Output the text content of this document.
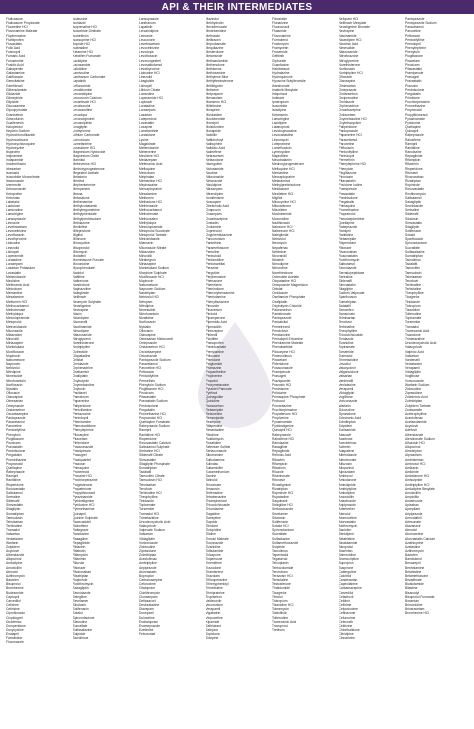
API & THEIR INTERMEDIATES
Fluticasone
Fluticasone Propionate
Fluoxetine HCl
Fluvoxamine Maleate
Fluphenazine
Flurbiprofen
Fluvastatin
Folic Acid
Fosinopril
Fumaric Acid
Furosemide
Fusidic Acid
Gabapentin
Galantamine
Gatifloxacin
Gemcitabine
Gemfibrozil
Glibenclamide
Gliclazide
Glimepiride
Glipizide
Glucosamine
Glycopyrrolate
Granisetron
Griseofulvin
Guaifenesin
Haloperidol
Heparin Sodium
Hydrochlorothiazide
Hydrocortisone
Hydroxychloroquine
Hydroxyzine
Ibuprofen
Imipramine
Indapamide
Indomethacin
Irbesartan
Isoniazid
Isosorbide Mononitrate
Itraconazole
Ivermectin
Ketoconazole
Ketoprofen
Ketorolac
Labetalol
Lactulose
Lamivudine
Lamotrigine
Lansoprazole
Letrozole
Levetiracetam
Levocetirizine
Levofloxacin
Levothyroxine
Lidocaine
Linezolid
Lisinopril
Loperamide
Loratadine
Lorazepam
Losartan Potassium
Lovastatin
Mebendazole
Meclizine
Mefenamic Acid
Meloxicam
Memantine
Mesalamine
Metformin HCl
Methocarbamol
Methotrexate
Methyldopa
Metoclopramide
Metoprolol
Metronidazole
Miconazole
Midazolam
Minoxidil
Mirtazapine
Montelukast
Moxifloxacin
Mupirocin
Nabumetone
Naproxen
Nebivolol
Nifedipine
Nimesulide
Nitrofurantoin
Norfloxacin
Nystatin
Ofloxacin
Olanzapine
Olmesartan
Omeprazole
Ondansetron
Oxcarbazepine
Pantoprazole
Paracetamol
Paroxetine
Pentoxifylline
Phenytoin
Pioglitazone
Piroxicam
Pravastatin
Prednisolone
Pregabalin
Promethazine
Propranolol
Quetiapine
Rabeprazole
Ramipril
Ranitidine
Risperidone
Rosuvastatin
Salbutamol
Sertraline
Sildenafil
Simvastatin
Sitagliptin
Sumatriptan
Tamsulosin
Telmisartan
Terbinafine
Tramadol
Valsartan
Venlafaxine
Warfarin
Zolpidem
Acyclovir
Albendazole
Allopurinol
Amlodipine
Amoxicillin
Atenolol
Azithromycin
Baclofen
Bisoprolol
Bromhexine
Budesonide
Captopril
Carvedilol
Cefixime
Cetirizine
Ciprofloxacin
Clopidogrel
Diclofenac
Domperidone
Doxycycline
Enalapril
Famotidine
Fluconazole
Isoleucine
Isoniazid
Isoprenaline HCl
Isosorbide Dinitrate
Isotretinoin
Isoxsuprine HCl
Itopride HCl
Ivabradine
Ketamine HCl
Ketotifen Fumarate
Lacidipine
Lacosamide
Lafutidine
Lamivudine
Lanthanum Carbonate
Lapatinib
Leflunomide
Lenalidomide
Lercanidipine
Leucovorin Calcium
Levamisole HCl
Levobunolol
Levocarnitine
Levodopa
Levonorgestrel
Levosulpiride
Linagliptin
Liothyronine
Lithium Carbonate
Lornoxicam
Lumefantrine
Lurasidone HCl
Magnesium Hydroxide
Magnesium Oxide
Mannitol
Mebeverine HCl
Medroxyprogesterone
Megestrol Acetate
Melatonin
Menthol
Mephentermine
Meropenem
Mesna
Metaxalone
Methenamine
Methylcobalamin
Methylergometrine
Methylphenidate
Methylprednisolone
Metolazone
Mexiletine
Mifepristone
Miglitol
Milrinone
Minocycline
Misoprostol
Mitomycin
Modafinil
Mometasone Furoate
Moxonidine
Mycophenolate
Nadolol
Naftifine
Naltrexone
Nandrolone
Naphazoline
Nateglinide
Nelfinavir
Neomycin Sulphate
Neostigmine
Nevirapine
Niacin
Nicardipine
Nicorandil
Nicotinamide
Nimodipine
Nitazoxanide
Nitroglycerin
Norethisterone
Nortriptyline
Octreotide
Olopatadine
Orlistat
Ornidazole
Orphenadrine
Oseltamivir
Oxaliplatin
Oxybutynin
Oxymetazoline
Oxytocin
Paclitaxel
Pamabrom
Papaverine
Paliperidone
Penicillamine
Pentazocine
Perindopril
Pheniramine
Phenobarbitone
Phenylephrine
Pilocarpine
Piracetam
Pirfenidone
Posaconazole
Pramipexole
Prasugrel
Praziquantel
Prazosin
Primaquine
Probenecid
Procaine HCl
Prochlorperazine
Progesterone
Propafenone
Propylthiouracil
Pyrazinamide
Pyridostigmine
Pyridoxine HCl
Pyrimethamine
Quinapril
Quinine Sulphate
Racecadotril
Raloxifene
Raltegravir
Ranolazine
Rasagiline
Repaglinide
Ribavirin
Rifabutin
Rifampicin
Rifaximin
Riluzole
Ritonavir
Rivaroxaban
Rizatriptan
Ropinirole
Roxithromycin
Saxagliptin
Secnidazole
Selegiline
Sevelamer
Silodosin
Solifenacin
Sotalol
Spironolactone
Stavudine
Sucralfate
Sulfasalazine
Sulpiride
Tacrolimus
Lansoprazole
Lanthanum
Lapatinib
Lercanidipine
Letrozole
Leucovorin
Levetiracetam
Levocetirizine
Levodopa
Levofloxacin
Levonorgestrel
Levosalbutamol
Levothyroxine
Lidocaine HCl
Linezolid
Liraglutide
Lisinopril
Lithium Citrate
Lomustine
Loperamide HCl
Lopinavir
Loratadine
Lorazepam
Losartan
Loteprednol
Lovastatin
Loxapine
Lumefantrine
Lurasidone
Lysine
Magaldrate
Mebendazole
Mebeverine
Meclizine HCl
Medazepam
Mefenamic Acid
Mefloquine
Meloxicam
Melphalan
Memantine HCl
Mepivacaine
Mercaptopurine
Mesalamine
Metformin
Methadone HCl
Methimazole
Methocarbamol
Methotrexate
Methoxsalen
Methyldopa
Metoclopramide
Metoprolol Succinate
Metoprolol Tartrate
Metronidazole
Mianserin
Miconazole Nitrate
Midazolam
Minoxidil
Mirabegron
Mirtazapine
Montelukast Sodium
Morphine Sulphate
Moxifloxacin HCl
Mupirocin
Nabumetone
Naproxen Sodium
Naratriptan
Nebivolol HCl
Nefopam
Nifedipine
Nimesulide
Nitrofurantoin
Nizatidine
Norfloxacin
Nystatin
Ofloxacin
Olanzapine
Olmesartan Medoxomil
Omeprazole
Ondansetron HCl
Oxcarbazepine
Oxiconazole
Pantoprazole Sodium
Paracetamol
Paroxetine HCl
Pefloxacin
Pentoxifylline
Permethrin
Phenytoin Sodium
Pioglitazone HCl
Piroxicam
Pitavastatin
Pravastatin Sodium
Prednisolone
Pregabalin
Promethazine HCl
Propranolol HCl
Quetiapine Fumarate
Rabeprazole Sodium
Ramipril
Ranitidine HCl
Risperidone
Rosuvastatin Calcium
Salbutamol Sulphate
Sertraline HCl
Sildenafil Citrate
Simvastatin
Sitagliptin Phosphate
Sumatriptan
Tadalafil
Tamoxifen Citrate
Tamsulosin HCl
Telmisartan
Tenofovir
Terbinafine HCl
Theophylline
Tinidazole
Topiramate
Torsemide
Tramadol HCl
Trimetazidine
Ursodeoxycholic Acid
Valacyclovir
Valproate Sodium
Valsartan
Vildagliptin
Voriconazole
Zidovudine
Ziprasidone
Zolmitriptan
Aceclofenac
Amitriptyline
Aripiprazole
Atorvastatin
Bupropion
Carbamazepine
Cefuroxime
Citalopram
Clarithromycin
Clonazepam
Deflazacort
Desloratadine
Diazepam
Donepezil
Duloxetine
Escitalopram
Esomeprazole
Ezetimibe
Febuxostat
Mazindol
Mebhydrolin
Meclofenoxate
Medetomidine
Mefruside
Melitracen
Meprobamate
Mequitazine
Mesterolone
Metamizole
Methazolamide
Methenolone
Methionine
Methoxamine
Methylene Blue
Methyltestosterone
Metildigoxin
Metixene
Metyrapone
Mexazolam
Mianserin HCl
Miltefosine
Minaprine
Mizolastine
Moclobemide
Moexipril
Molsidomine
Mosapride
Nafcillin
Naftidrofuryl
Nalbuphine
Nalidixic Acid
Nalmefene
Nebracetam
Nefazodone
Nicergoline
Niclosamide
Nicotine
Nifuroxazide
Nimorazole
Nisoldipine
Nitrazepam
Nitrendipine
Nomifensine
Noscapine
Obeticholic Acid
Oxaprozin
Oxazepam
Oxcarbazepine
Oxeladin
Oxolamine
Oxprenolol
Oxyphenbutazone
Pancuronium
Pantethine
Paramethasone
Pemoline
Penbutolol
Pentamidine
Pentobarbital
Perazine
Pergolide
Perphenazine
Phenazone
Phenelzine
Phenindione
Phenoxybenzamine
Phentolamine
Phenylbutazone
Pimozide
Pinaverium
Pindolol
Pipamperone
Pipemidic Acid
Piperacillin
Pirenzepine
Piribedil
Pizotifen
Pranoprofen
Prednicarbate
Prenylamine
Prilocaine
Primidone
Proglumide
Promazine
Propantheline
Propiverine
Propofol
Proxymetacaine
Pyrantel Pamoate
Pyritinol
Quinagolide
Quinidine
Ramosetron
Rebamipide
Reboxetine
Remoxipride
Reserpine
Rifapentine
Rimantadine
Ritodrine
Rokitamycin
Roxatidine
Selenium Sulfide
Sertaconazole
Sibutramine
Sulbutiamine
Sulindac
Sultamicillin
Suxamethonium
Tacrine
Talinolol
Tenoxicam
Terazosin
Terfenadine
Tetrabenazine
Thiamphenicol
Thiocolchicoside
Thioridazine
Tiagabine
Tianeptine
Tiapride
Tibolone
Ticlopidine
Tilidine
Timolol Maleate
Tioconazole
Tizanidine
Tolbutamide
Tolcapone
Tolperisone
Toremifene
Trazodone
Triamterene
Triazolam
Trifluoperazine
Trihexyphenidyl
Trimebutine
Trimipramine
Tropisetron
Valdecoxib
Vecuronium
Verapamil
Vigabatrin
Vinpocetine
Xipamide
Zafirlukast
Zaleplon
Zopiclone
Zotepine
Flecainide
Flunarizine
Fluorouracil
Flutamide
Fluvoxamine
Formoterol
Fosfomycin
Framycetin
Frusemide
Gefitinib
Glyburide
Guanfacine
Halobetasol
Hydralazine
Hydroquinone
Hyoscine Butylbromide
Ibandronate
Imatinib Mesylate
Imiquimod
Indinavir
Ipratropium
Isosorbide
Isradipine
Ketanserin
Lamotrigine
Lacidipine
Latanoprost
Levobupivacaine
Levocabastine
Lincomycin
Lofepramine
Lomefloxacin
Lymecycline
Maprotiline
Mecobalamin
Medroxyprogesterone
Mefloquine HCl
Memantine
Mercaptopurine
Metaraminol
Methylprednisolone
Metolazone
Mexiletine HCl
Miglitol
Minocycline HCl
Mitoxantrone
Mizoribine
Moclobemide
Moxonidine
Nadifloxacin
Naloxone HCl
Naltrexone HCl
Nateglinide
Nebivolol
Neomycin
Nepafenac
Netilmicin
Nicorandil
Nilotinib
Nimodipine
Nitroxoline
Norethindrone
Octreotide Acetate
Olopatadine HCl
Omeprazole Magnesium
Orlistat
Ornidazole
Oseltamivir Phosphate
Oxaliplatin
Oxybutynin Chloride
Palonosetron
Pamidronate
Pantoprazole
Paricalcitol
Pemetrexed
Penciclovir
Pentazocine
Perindopril Erbumine
Pheniramine Maleate
Phenobarbital
Pilocarpine HCl
Pimecrolimus
Piracetam
Pirfenidone
Posaconazole
Pramipexole
Prasugrel
Praziquantel
Prazosin HCl
Prednisone
Prilocaine
Primaquine Phosphate
Probucol
Procarbazine
Prochlorperazine
Propafenone HCl
Propiverine
Pyrazinamide
Pyridostigmine
Quinapril HCl
Rabeprazole
Raloxifene HCl
Ranolazine
Rasagiline
Repaglinide
Retinoic Acid
Ribavirin
Rifampicin
Rifaximin
Riluzole
Risedronate
Ritonavir
Rivastigmine
Rizatriptan
Ropinirole HCl
Rupatadine
Saquinavir
Selegiline HCl
Sertaconazole
Sevelamer
Silodosin
Solifenacin
Sotalol HCl
Spironolactone
Sucralfate
Sulfadiazine
Sulfamethoxazole
Sulpiride
Tacrolimus
Tapentadol
Tegaserod
Teicoplanin
Temozolomide
Tenoxicam
Terazosin HCl
Terbutaline
Testosterone
Thalidomide
Ticagrelor
Timolol
Tiotropium
Tizanidine HCl
Tobramycin
Tofacitinib
Tolterodine
Tranexamic Acid
Travoprost
Tretinoin
Nefopam HCl
Nelfinavir Mesylate
Neostigmine Bromide
Nevirapine
Niacinamide
Nicardipine HCl
Nicotinic Acid
Nimesulide
Nitazoxanide
Nitrofurazone
Nitroglycerine
Norethisterone
Norfloxacin
Nortriptyline HCl
Ofloxacin
Olanzapine
Olmesartan
Omeprazole
Ondansetron
Orciprenaline
Ornidazole
Orphenadrine
Oxcarbazepine
Oxiracetam
Oxymetazoline HCl
Oxytetracycline
Paliperidone
Pantoprazole
Papaverine HCl
Paracetamol
Paroxetine
Pefloxacin
Pentoxifylline
Perindopril
Permethrin
Phenylephrine HCl
Phenytoin
Pioglitazone
Piroxicam
Pitavastatin
Povidone Iodine
Pramipexole
Pravastatin
Prednisolone
Pregabalin
Primaquine
Promethazine
Propranolol
Pseudoephedrine
Quetiapine
Rabeprazole
Ramipril
Ranitidine
Rebamipide
Risperidone
Ritonavir
Rivaroxaban
Rosuvastatin
Roxithromycin
Salbutamol
Secnidazole
Serratiopeptidase
Sertraline
Sildenafil
Simvastatin
Sitagliptin
Sodium Valproate
Sparfloxacin
Sumatriptan
Tadalafil
Tamoxifen
Tamsulosin
Telmisartan
Tenofovir
Terbinafine
Theophylline
Thiocolchicoside
Tinidazole
Tizanidine
Topiramate
Torsemide
Tramadol
Trimetazidine
Ursodiol
Valacyclovir
Valganciclovir
Valsartan
Vardenafil
Venlafaxine
Verapamil
Vildagliptin
Voglibose
Voriconazole
Warfarin
Zidovudine
Ziprasidone
Zoledronic Acid
Zolmitriptan
Zolpidem
Zonisamide
Abacavir
Acarbose
Aceclofenac
Acitretin
Adapalene
Albendazole
Alendronate
Alfuzosin
Allopurinol
Alprazolam
Ambroxol
Amiodarone
Amisulpride
Amitriptyline
Amlodipine
Amoxicillin
Anastrozole
Aripiprazole
Artemether
Atenolol
Atomoxetine
Atorvastatin
Azithromycin
Baclofen
Benidipine
Betahistine
Bicalutamide
Bisoprolol
Bosentan
Brimonidine
Bromocriptine
Bupropion
Buspirone
Cabergoline
Calcitriol
Candesartan
Capecitabine
Carbamazepine
Carvedilol
Cefadroxil
Cefdinir
Cefixime
Cefpodoxime
Ceftriaxone
Cefuroxime
Celecoxib
Cetirizine
Chlorthalidone
Cilnidipine
Cinnarizine
Pantoprazole
Pentoprazole Sodium
Paracetamol
Paroxetine
Pefloxacin
Pentoxifylline
Perindopril
Phenylephrine
Phenytoin
Pioglitazone
Piracetam
Piroxicam
Pitavastatin
Pramipexole
Prasugrel
Pravastatin
Prazosin
Prednisolone
Pregabalin
Primidone
Prochlorperazine
Promethazine
Propranolol
Propylthiouracil
Pyrazinamide
Pyridoxine
Quetiapine
Quinapril
Rabeprazole
Raloxifene
Ramipril
Ranitidine
Ranolazine
Repaglinide
Rifampicin
Rifaximin
Risperidone
Ritonavir
Rivaroxaban
Rizatriptan
Ropinirole
Rosuvastatin
Roxithromycin
Salbutamol
Saxagliptin
Secnidazole
Sertraline
Sildenafil
Silodosin
Simvastatin
Sitagliptin
Solifenacin
Sotalol
Sparfloxacin
Spironolactone
Sucralfate
Sulfasalazine
Sumatriptan
Tacrolimus
Tadalafil
Tamoxifen
Tamsulosin
Telmisartan
Tenofovir
Terbinafine
Terbutaline
Theophylline
Ticagrelor
Tinidazole
Tiotropium
Tizanidine
Tolterodine
Topiramate
Torsemide
Tramadol
Tranexamic Acid
Trazodone
Trimetazidine
Ursodeoxycholic Acid
Valacyclovir
Valproic Acid
Valsartan
Vardenafil
Venlafaxine
Verapamil
Vildagliptin
Voglibose
Voriconazole
Warfarin Sodium
Zidovudine
Ziprasidone
Zoledronic Acid
Zolmitriptan
Zolpidem Tartrate
Zonisamide
Acebrophylline
Aceclofenac
Acetazolamide
Acyclovir
Adefovir
Albendazole
Alendronate Sodium
Alfuzosin HCl
Allopurinol
Almotriptan
Alprazolam
Ambrisentan
Ambroxol HCl
Amikacin
Amiloride
Amiodarone HCl
Amisulpride
Amitriptyline HCl
Amlodipine Besylate
Amoxicillin
Ampicillin
Anastrozole
Apixaban
Aprepitant
Aripiprazole
Armodafinil
Artesunate
Atazanavir
Atenolol
Atomoxetine
Atorvastatin Calcium
Azathioprine
Azelastine
Azithromycin
Baclofen
Bambuterol
Benazepril
Benfotiamine
Betahistine
Betamethasone
Bezafibrate
Bicalutamide
Bilastine
Bisacodyl
Bisoprolol Fumarate
Bosentan
Brimonidine
Brivaracetam
Bromhexine HCl
